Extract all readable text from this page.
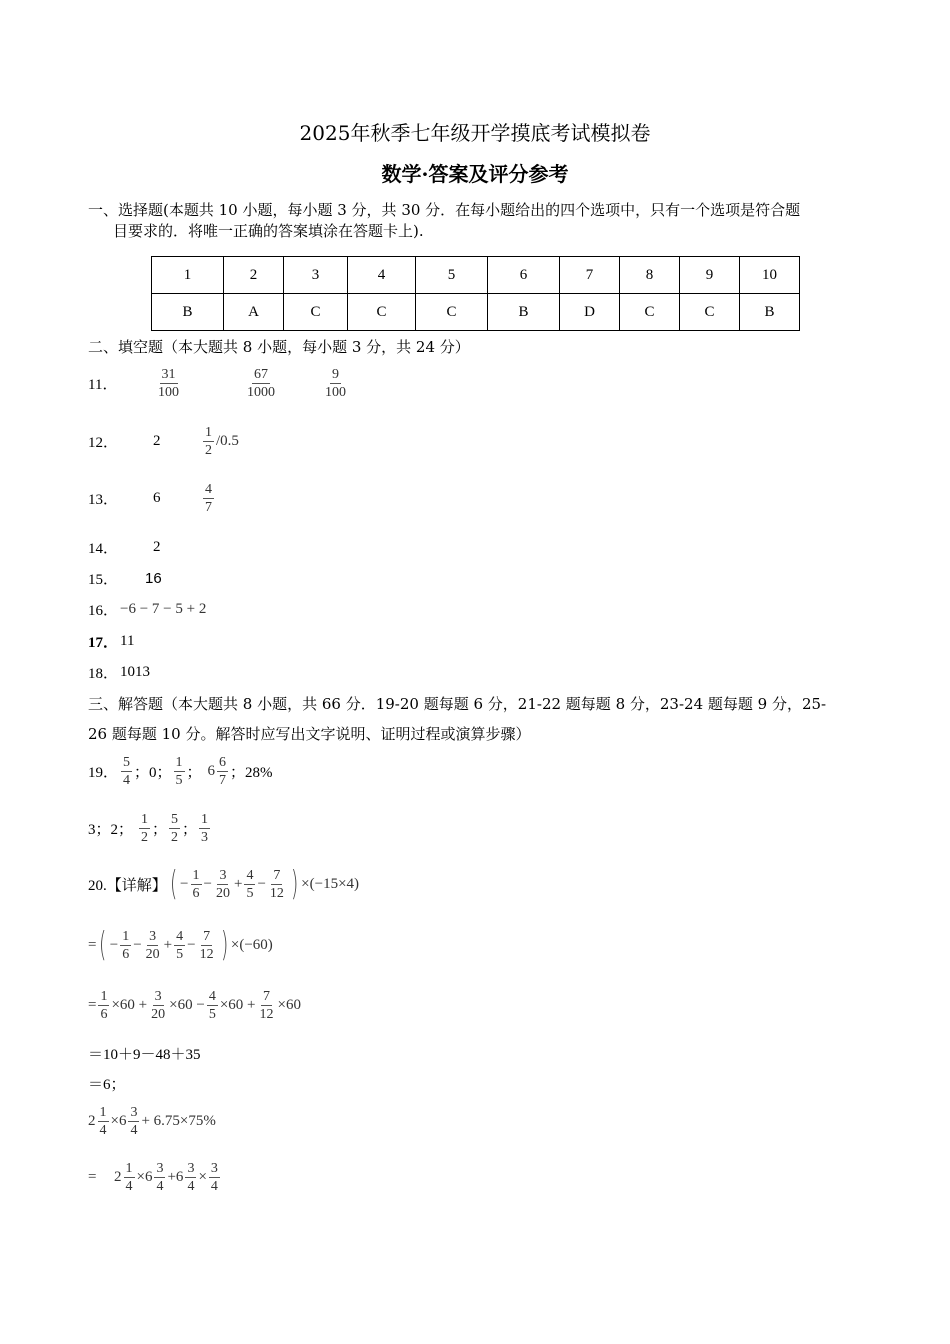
2025年秋季七年级开学摸底考试模拟卷
数学·答案及评分参考
一、选择题(本题共 10 小题，每小题 3 分，共 30 分．在每小题给出的四个选项中，只有一个选项是符合题
目要求的．将唯一正确的答案填涂在答题卡上).
1	2	3	4	5	6	7	8	9	10
B	A	C	C	C	B	D	C	C	B
二、填空题（本大题共 8 小题，每小题 3 分，共 24 分）
11．	$\frac{31}{100}$	$\frac{67}{1000}$	$\frac{9}{100}$
12．	2	$\frac{1}{2} /0.5$
13．	6	$\frac{4}{7}$
14．	2
15．	16
16． −6 − 7 − 5 + 2
17． 11
18． 1013
三、解答题（本大题共 8 小题，共 66 分．19-20 题每题 6 分，21-22 题每题 8 分，23-24 题每题 9 分，25-
26 题每题 10 分。解答时应写出文字说明、证明过程或演算步骤）
19． $\frac{5}{4}$ ；0； $\frac{1}{5}$ ； $6 \frac{6}{7}$ ；28%
3；2； $\frac{1}{2}$ ； $\frac{5}{2}$ ； $\frac{1}{3}$
20.【详解】 ( − $\frac{1}{6} - \frac{3}{20} + \frac{4}{5} - \frac{7}{12}$ ) ×(−15×4)
= ( − $\frac{1}{6} - \frac{3}{20} + \frac{4}{5} - \frac{7}{12}$ ) ×(−60)
= $\frac{1}{6} \times 60 + \frac{3}{20} \times 60 - \frac{4}{5} \times 60 + \frac{7}{12} \times 60$
＝10＋9－48＋35
＝6；
$2 \frac{1}{4} \times 6 \frac{3}{4} + 6.75\times 75\%$
=	$2 \frac{1}{4} \times 6 \frac{3}{4} +6 \frac{3}{4} \times \frac{3}{4}$
